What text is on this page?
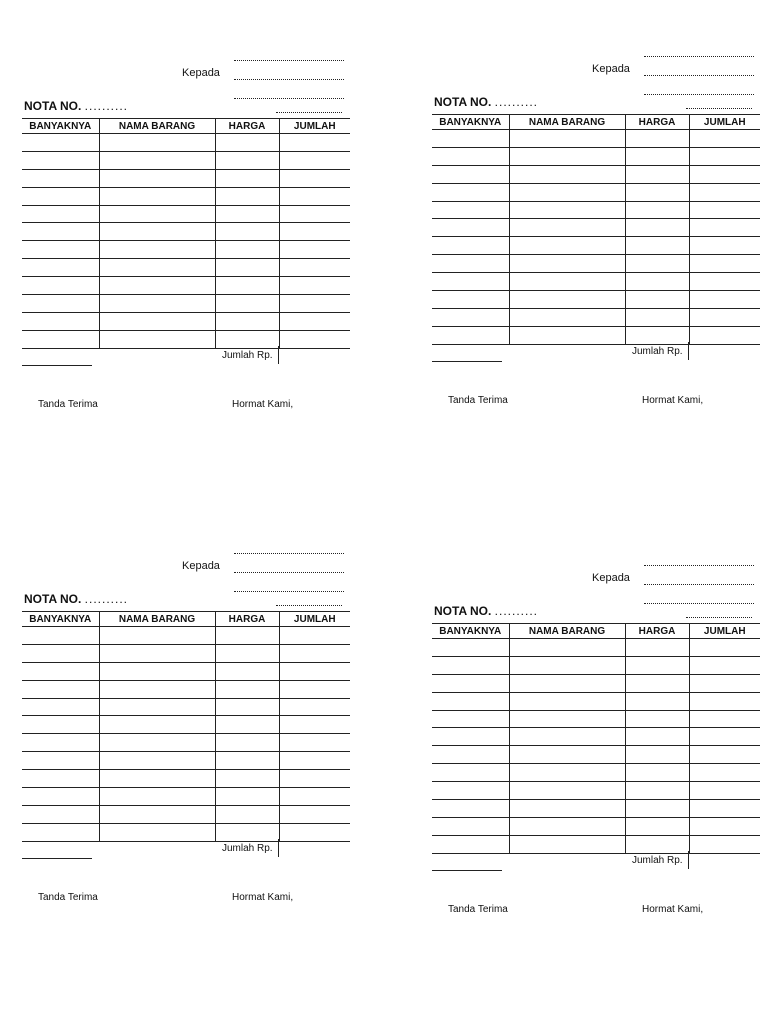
Kepada
NOTA NO. ..........
BANYAKNYA	NAMA BARANG	HARGA	JUMLAH

Jumlah Rp.
Tanda Terima	Hormat Kami,
Kepada
NOTA NO. ..........
BANYAKNYA	NAMA BARANG	HARGA	JUMLAH

Jumlah Rp.
Tanda Terima	Hormat Kami,
Kepada
NOTA NO. ..........
BANYAKNYA	NAMA BARANG	HARGA	JUMLAH

Jumlah Rp.
Tanda Terima	Hormat Kami,
Kepada
NOTA NO. ..........
BANYAKNYA	NAMA BARANG	HARGA	JUMLAH

Jumlah Rp.
Tanda Terima	Hormat Kami,
